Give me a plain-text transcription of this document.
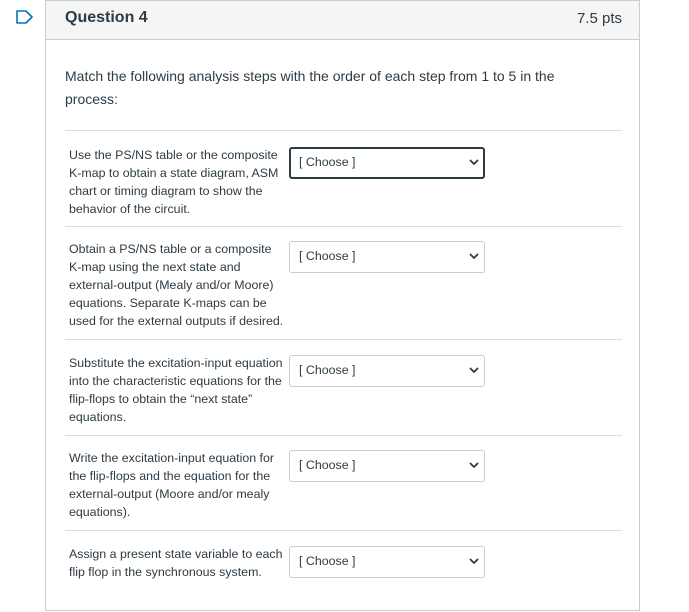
Question 4	7.5 pts
Match the following analysis steps with the order of each step from 1 to 5 in the process:
Use the PS/NS table or the composite K-map to obtain a state diagram, ASM chart or timing diagram to show the behavior of the circuit.
[ Choose ]
Obtain a PS/NS table or a composite K-map using the next state and external-output (Mealy and/or Moore) equations. Separate K-maps can be used for the external outputs if desired.
[ Choose ]
Substitute the excitation-input equation into the characteristic equations for the flip-flops to obtain the “next state” equations.
[ Choose ]
Write the excitation-input equation for the flip-flops and the equation for the external-output (Moore and/or mealy equations).
[ Choose ]
Assign a present state variable to each flip flop in the synchronous system.
[ Choose ]
